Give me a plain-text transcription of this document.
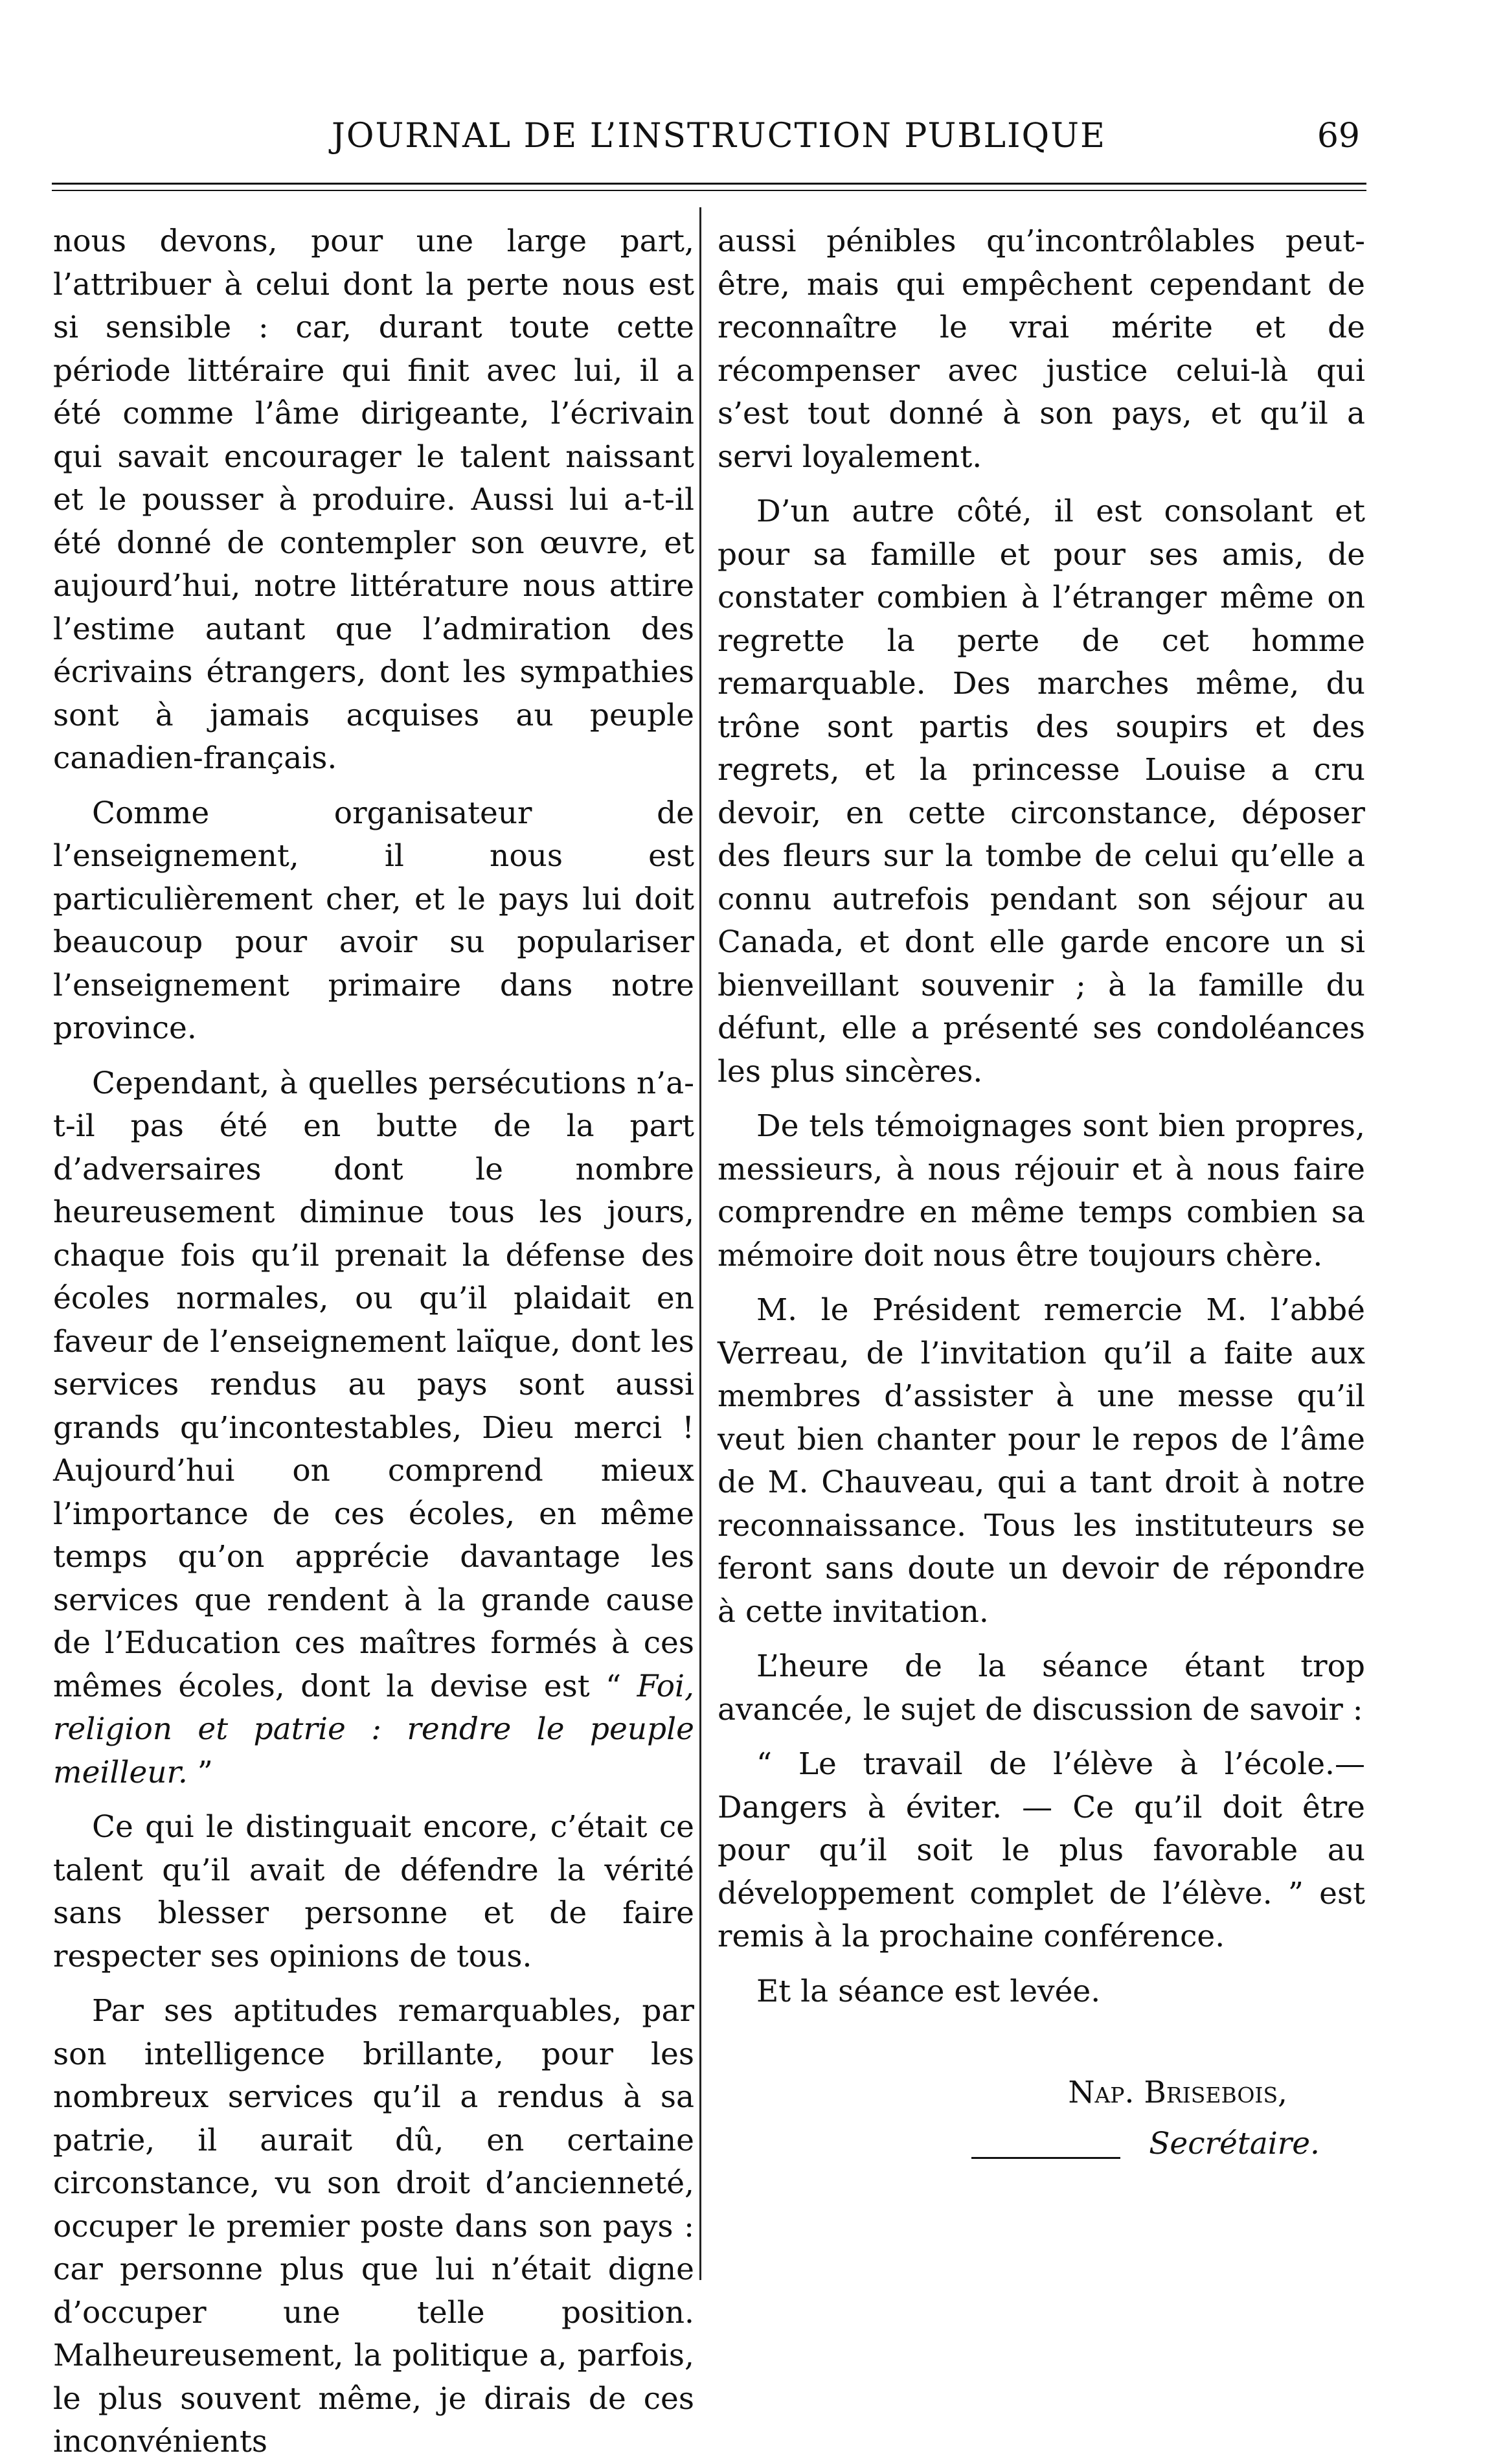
JOURNAL DE L’INSTRUCTION PUBLIQUE	69

nous devons, pour une large part, l’attribuer à celui dont la perte nous est si sensible : car, durant toute cette période littéraire qui finit avec lui, il a été comme l’âme dirigeante, l’écrivain qui savait encourager le talent naissant et le pousser à produire. Aussi lui a-t-il été donné de contempler son œuvre, et aujourd’hui, notre littérature nous attire l’estime autant que l’admiration des écrivains étrangers, dont les sympathies sont à jamais acquises au peuple canadien-français.

Comme organisateur de l’enseignement, il nous est particulièrement cher, et le pays lui doit beaucoup pour avoir su populariser l’enseignement primaire dans notre province.

Cependant, à quelles persécutions n’a-t-il pas été en butte de la part d’adversaires dont le nombre heureusement diminue tous les jours, chaque fois qu’il prenait la défense des écoles normales, ou qu’il plaidait en faveur de l’enseignement laïque, dont les services rendus au pays sont aussi grands qu’incontestables, Dieu merci ! Aujourd’hui on comprend mieux l’importance de ces écoles, en même temps qu’on apprécie davantage les services que rendent à la grande cause de l’Education ces maîtres formés à ces mêmes écoles, dont la devise est “ Foi, religion et patrie : rendre le peuple meilleur. ”

Ce qui le distinguait encore, c’était ce talent qu’il avait de défendre la vérité sans blesser personne et de faire respecter ses opinions de tous.

Par ses aptitudes remarquables, par son intelligence brillante, pour les nombreux services qu’il a rendus à sa patrie, il aurait dû, en certaine circonstance, vu son droit d’ancienneté, occuper le premier poste dans son pays : car personne plus que lui n’était digne d’occuper une telle position. Malheureusement, la politique a, parfois, le plus souvent même, je dirais de ces inconvénients

aussi pénibles qu’incontrôlables peut-être, mais qui empêchent cependant de reconnaître le vrai mérite et de récompenser avec justice celui-là qui s’est tout donné à son pays, et qu’il a servi loyalement.

D’un autre côté, il est consolant et pour sa famille et pour ses amis, de constater combien à l’étranger même on regrette la perte de cet homme remarquable. Des marches même, du trône sont partis des soupirs et des regrets, et la princesse Louise a cru devoir, en cette circonstance, déposer des fleurs sur la tombe de celui qu’elle a connu autrefois pendant son séjour au Canada, et dont elle garde encore un si bienveillant souvenir ; à la famille du défunt, elle a présenté ses condoléances les plus sincères.

De tels témoignages sont bien propres, messieurs, à nous réjouir et à nous faire comprendre en même temps combien sa mémoire doit nous être toujours chère.

M. le Président remercie M. l’abbé Verreau, de l’invitation qu’il a faite aux membres d’assister à une messe qu’il veut bien chanter pour le repos de l’âme de M. Chauveau, qui a tant droit à notre reconnaissance. Tous les instituteurs se feront sans doute un devoir de répondre à cette invitation.

L’heure de la séance étant trop avancée, le sujet de discussion de savoir :

“ Le travail de l’élève à l’école.—Dangers à éviter. — Ce qu’il doit être pour qu’il soit le plus favorable au développement complet de l’élève. ” est remis à la prochaine conférence.

Et la séance est levée.

Nap. Brisebois,
Secrétaire.
